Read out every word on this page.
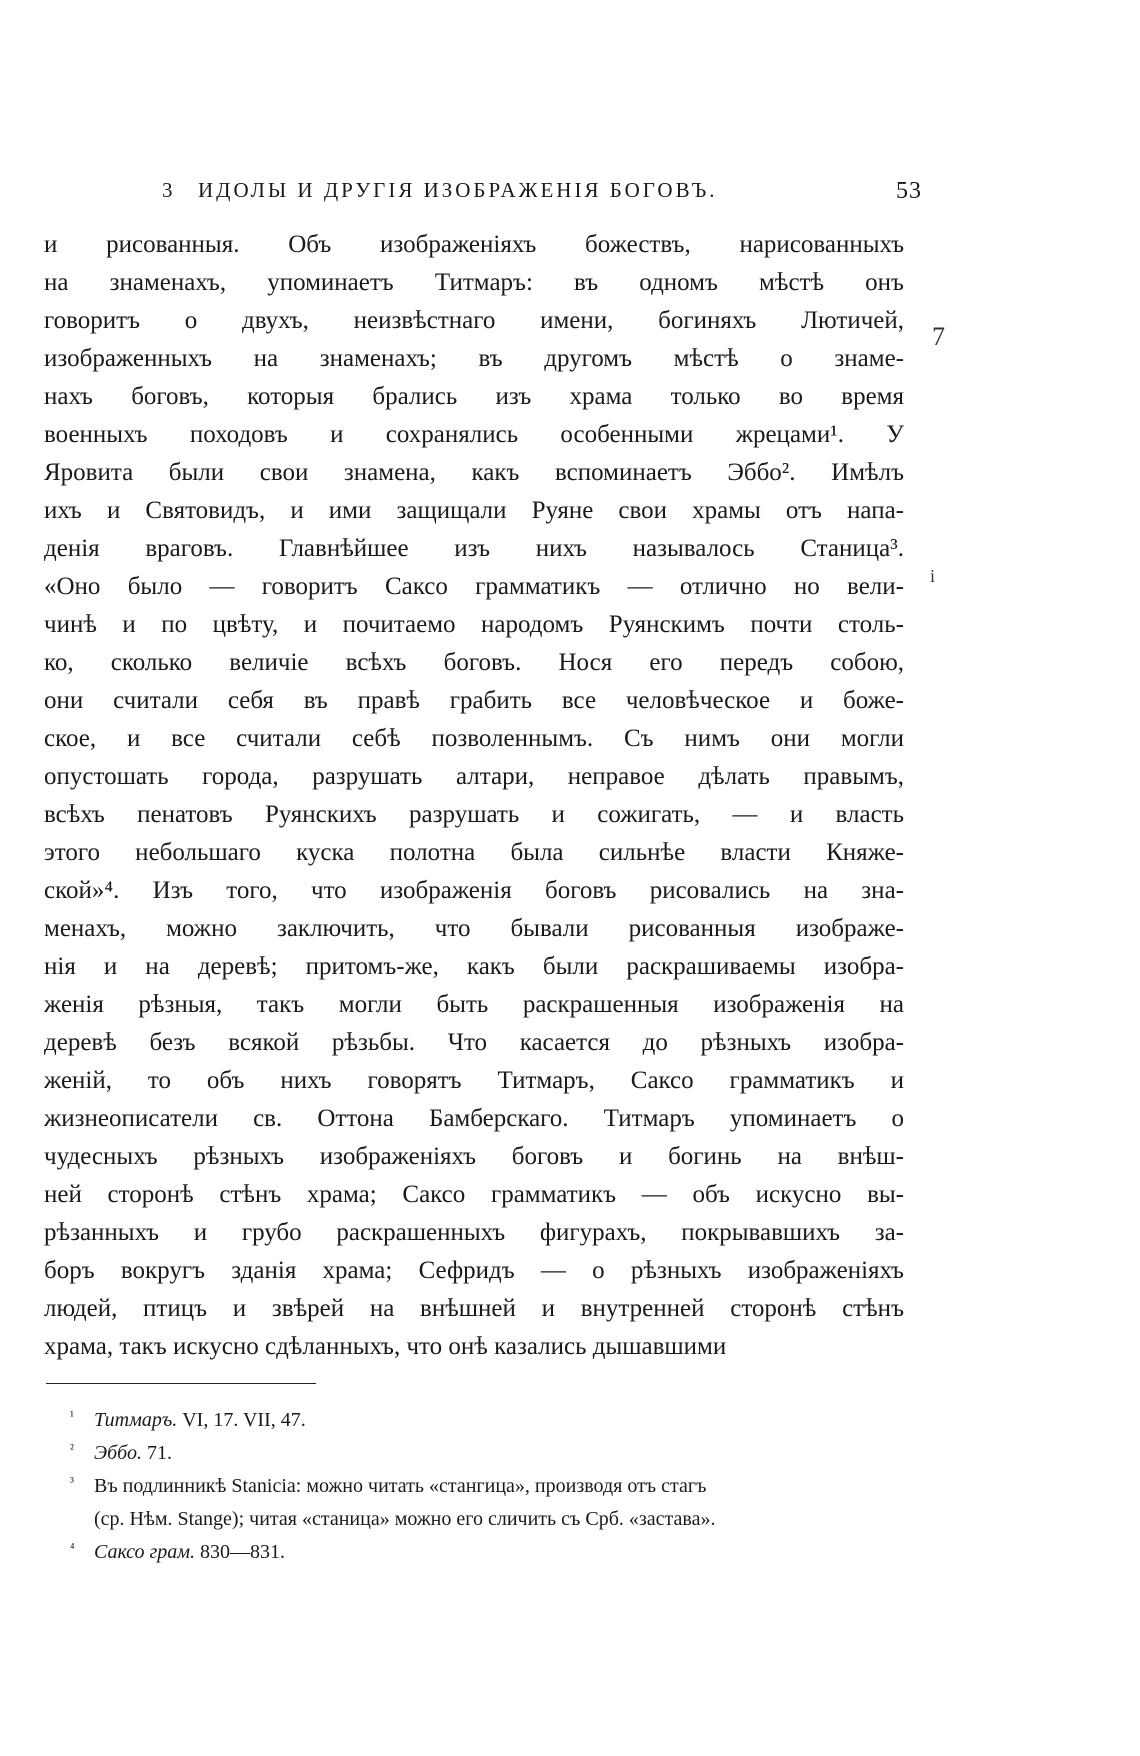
3 ИДОЛЫ И ДРУГІЯ ИЗОБРАЖЕНІЯ БОГОВЪ.	53
и рисованныя. Объ изображеніяхъ божествъ, нарисованныхъ
на знаменахъ, упоминаетъ Титмаръ: въ одномъ мѣстѣ онъ
говоритъ о двухъ, неизвѣстнаго имени, богиняхъ Лютичей,
изображенныхъ на знаменахъ; въ другомъ мѣстѣ о знаме-
нахъ боговъ, которыя брались изъ храма только во время
военныхъ походовъ и сохранялись особенными жрецами¹. У
Яровита были свои знамена, какъ вспоминаетъ Эббо². Имѣлъ
ихъ и Святовидъ, и ими защищали Руяне свои храмы отъ напа-
денія враговъ. Главнѣйшее изъ нихъ называлось Станица³.
«Оно было — говоритъ Саксо грамматикъ — отлично но вели-
чинѣ и по цвѣту, и почитаемо народомъ Руянскимъ почти столь-
ко, сколько величіе всѣхъ боговъ. Нося его передъ собою,
они считали себя въ правѣ грабить все человѣческое и боже-
ское, и все считали себѣ позволеннымъ. Съ нимъ они могли
опустошать города, разрушать алтари, неправое дѣлать правымъ,
всѣхъ пенатовъ Руянскихъ разрушать и сожигать, — и власть
этого небольшаго куска полотна была сильнѣе власти Княже-
ской»⁴. Изъ того, что изображенія боговъ рисовались на зна-
менахъ, можно заключить, что бывали рисованныя изображе-
нія и на деревѣ; притомъ-же, какъ были раскрашиваемы изобра-
женія рѣзныя, такъ могли быть раскрашенныя изображенія на
деревѣ безъ всякой рѣзьбы. Что касается до рѣзныхъ изобра-
женій, то объ нихъ говорятъ Титмаръ, Саксо грамматикъ и
жизнеописатели св. Оттона Бамберскаго. Титмаръ упоминаетъ о
чудесныхъ рѣзныхъ изображеніяхъ боговъ и богинь на внѣш-
ней сторонѣ стѣнъ храма; Саксо грамматикъ — объ искусно вы-
рѣзанныхъ и грубо раскрашенныхъ фигурахъ, покрывавшихъ за-
боръ вокругъ зданія храма; Сефридъ — о рѣзныхъ изображеніяхъ
людей, птицъ и звѣрей на внѣшней и внутренней сторонѣ стѣнъ
храма, такъ искусно сдѣланныхъ, что онѣ казались дышавшими
¹ Титмаръ. VI, 17. VII, 47.
² Эббо. 71.
³ Въ подлинникѣ Stanicia: можно читать «стангица», производя отъ стагъ
(ср. Нѣм. Stange); читая «станица» можно его сличить съ Срб. «застава».
⁴ Саксо грам. 830—831.
7
i
